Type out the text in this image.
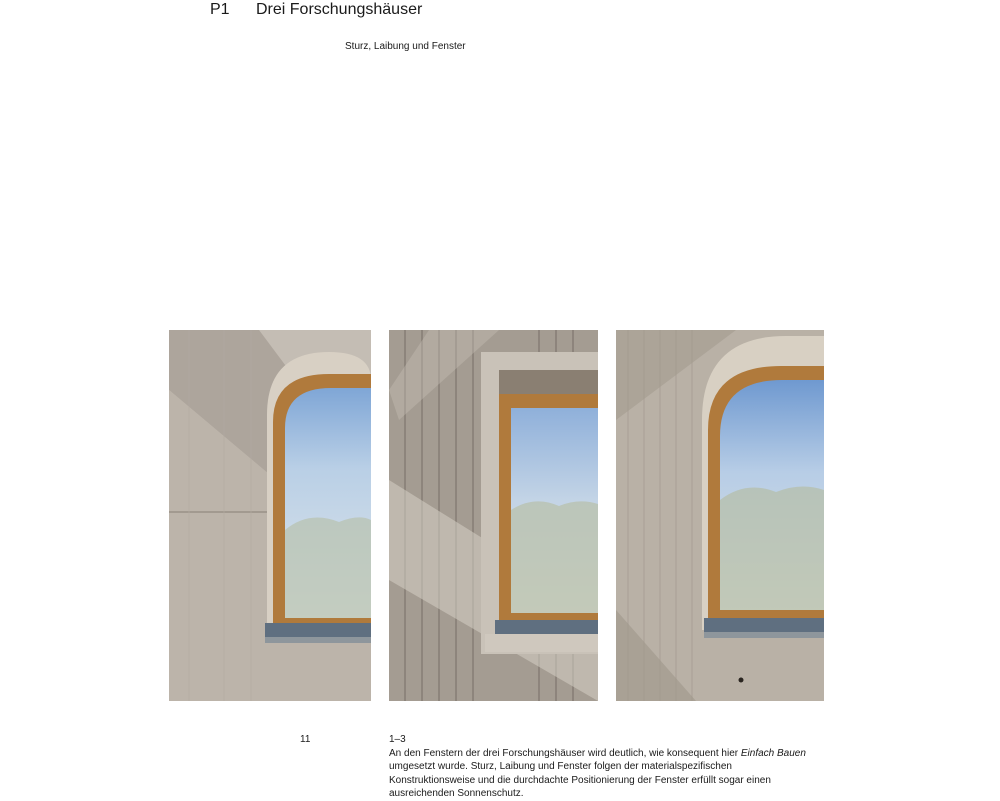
P1 Drei Forschungshäuser
Sturz, Laibung und Fenster
11	1–3
An den Fenstern der drei Forschungshäuser wird deutlich, wie konsequent hier Einfach Bauen umgesetzt wurde. Sturz, Laibung und Fenster folgen der materialspezifischen Konstruktionsweise und die durchdachte Positionierung der Fenster erfüllt sogar einen ausreichenden Sonnenschutz.
